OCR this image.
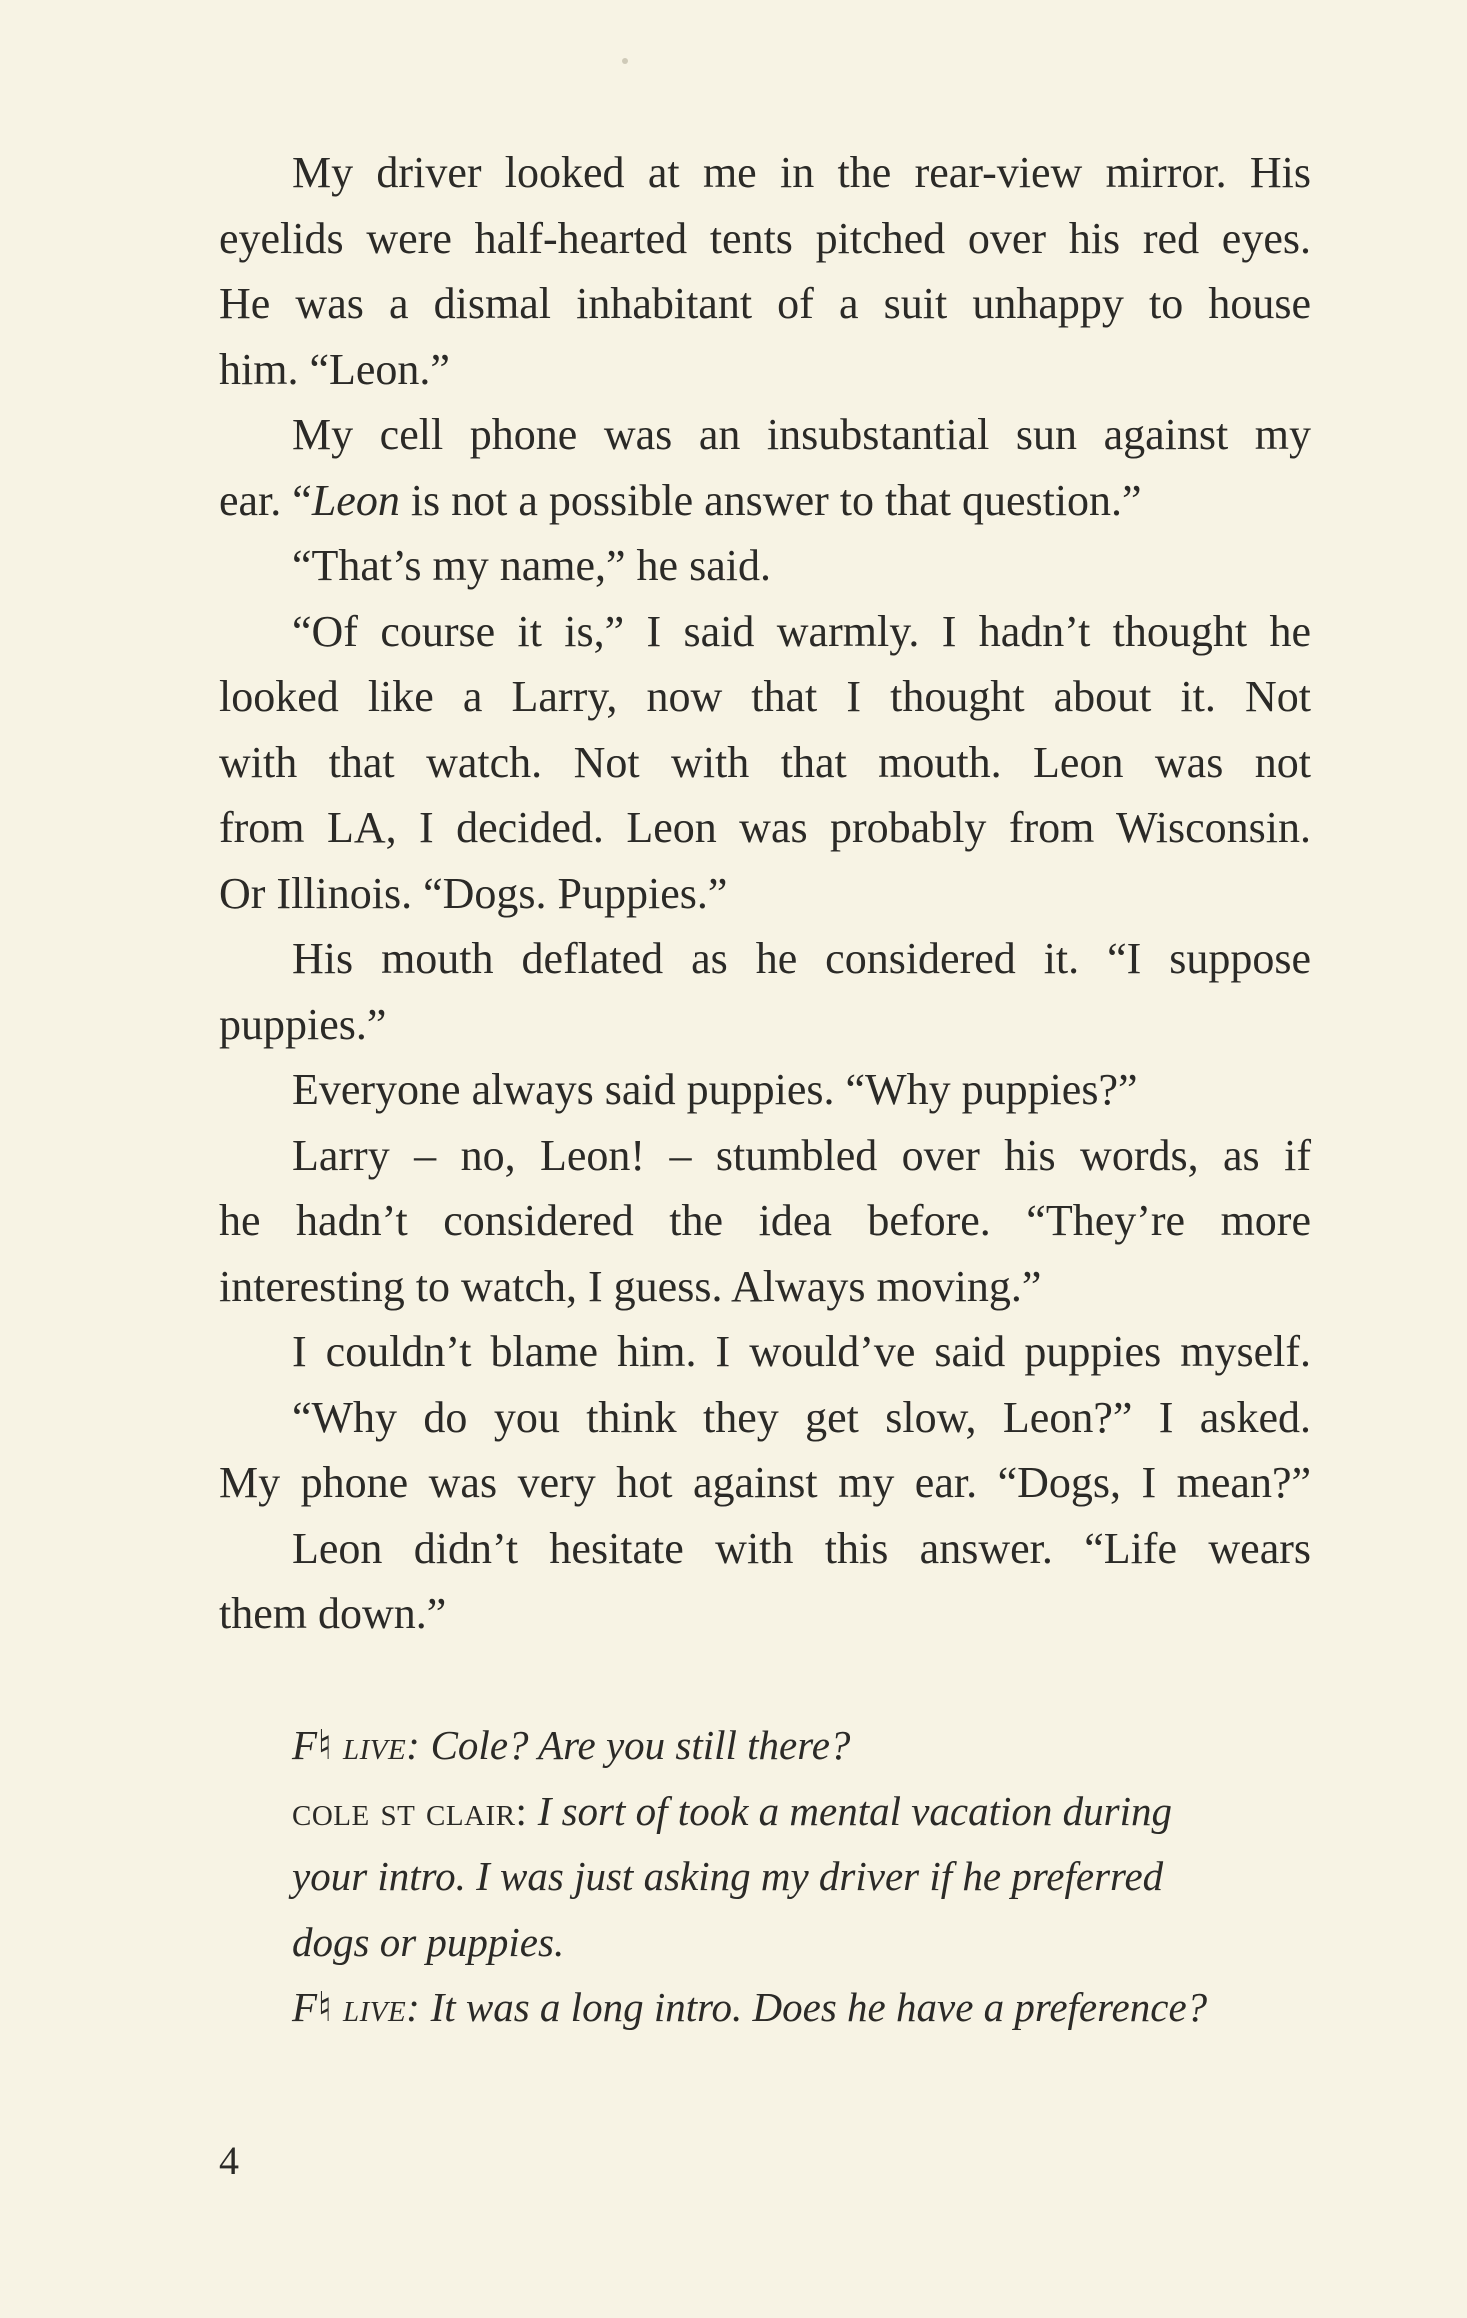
My driver looked at me in the rear-view mirror. His
eyelids were half-hearted tents pitched over his red eyes.
He was a dismal inhabitant of a suit unhappy to house
him. “Leon.”

My cell phone was an insubstantial sun against my
ear. “Leon is not a possible answer to that question.”

“That’s my name,” he said.

“Of course it is,” I said warmly. I hadn’t thought he
looked like a Larry, now that I thought about it. Not
with that watch. Not with that mouth. Leon was not
from LA, I decided. Leon was probably from Wisconsin.
Or Illinois. “Dogs. Puppies.”

His mouth deflated as he considered it. “I suppose
puppies.”

Everyone always said puppies. “Why puppies?”

Larry – no, Leon! – stumbled over his words, as if
he hadn’t considered the idea before. “They’re more
interesting to watch, I guess. Always moving.”

I couldn’t blame him. I would’ve said puppies myself.

“Why do you think they get slow, Leon?” I asked.
My phone was very hot against my ear. “Dogs, I mean?”

Leon didn’t hesitate with this answer. “Life wears
them down.”

F♮ live: Cole? Are you still there?
cole st clair: I sort of took a mental vacation during
your intro. I was just asking my driver if he preferred
dogs or puppies.
F♮ live: It was a long intro. Does he have a preference?
4
